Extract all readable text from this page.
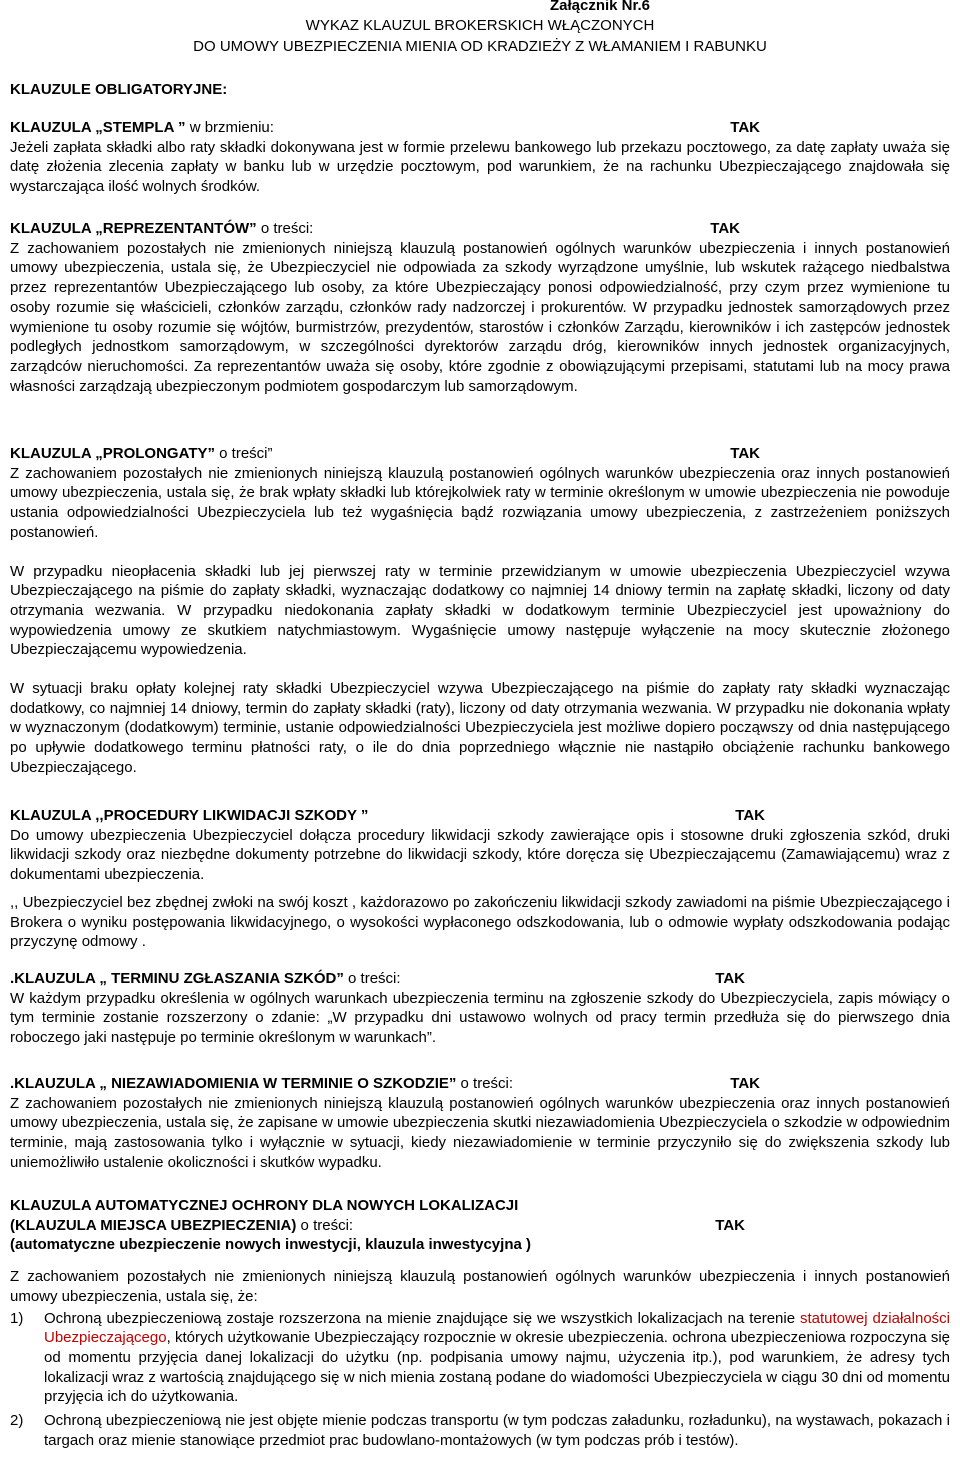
Załącznik Nr.6
WYKAZ KLAUZUL BROKERSKICH WŁĄCZONYCH
DO UMOWY UBEZPIECZENIA MIENIA OD KRADZIEŻY Z WŁAMANIEM I RABUNKU
KLAUZULE OBLIGATORYJNE:
KLAUZULA „STEMPLA ” w brzmieniu:	TAK
Jeżeli zapłata składki albo raty składki dokonywana jest w formie przelewu bankowego lub przekazu pocztowego, za datę zapłaty uważa się datę złożenia zlecenia zapłaty w banku lub w urzędzie pocztowym, pod warunkiem, że na rachunku Ubezpieczającego znajdowała się wystarczająca ilość wolnych środków.
KLAUZULA „REPREZENTANTÓW” o treści:	TAK
Z zachowaniem pozostałych nie zmienionych niniejszą klauzulą postanowień ogólnych warunków ubezpieczenia i innych postanowień umowy ubezpieczenia, ustala się, że Ubezpieczyciel nie odpowiada za szkody wyrządzone umyślnie, lub wskutek rażącego niedbalstwa przez reprezentantów Ubezpieczającego lub osoby, za które Ubezpieczający ponosi odpowiedzialność, przy czym przez wymienione tu osoby rozumie się właścicieli, członków zarządu, członków rady nadzorczej i prokurentów. W przypadku jednostek samorządowych przez wymienione tu osoby rozumie się wójtów, burmistrzów, prezydentów, starostów i członków Zarządu, kierowników i ich zastępców jednostek podległych jednostkom samorządowym, w szczególności dyrektorów zarządu dróg, kierowników innych jednostek organizacyjnych, zarządców nieruchomości. Za reprezentantów uważa się osoby, które zgodnie z obowiązującymi przepisami, statutami lub na mocy prawa własności zarządzają ubezpieczonym podmiotem gospodarczym lub samorządowym.
KLAUZULA „PROLONGATY” o treści”	TAK
Z zachowaniem pozostałych nie zmienionych niniejszą klauzulą postanowień ogólnych warunków ubezpieczenia oraz innych postanowień umowy ubezpieczenia, ustala się, że brak wpłaty składki lub którejkolwiek raty w terminie określonym w umowie ubezpieczenia nie powoduje ustania odpowiedzialności Ubezpieczyciela lub też wygaśnięcia bądź rozwiązania umowy ubezpieczenia, z zastrzeżeniem poniższych postanowień.
W przypadku nieopłacenia składki lub jej pierwszej raty w terminie przewidzianym w umowie ubezpieczenia Ubezpieczyciel wzywa Ubezpieczającego na piśmie do zapłaty składki, wyznaczając dodatkowy co najmniej 14 dniowy termin na zapłatę składki, liczony od daty otrzymania wezwania. W przypadku niedokonania zapłaty składki w dodatkowym terminie Ubezpieczyciel jest upoważniony do wypowiedzenia umowy ze skutkiem natychmiastowym. Wygaśnięcie umowy następuje wyłączenie na mocy skutecznie złożonego Ubezpieczającemu wypowiedzenia.
W sytuacji braku opłaty kolejnej raty składki Ubezpieczyciel wzywa Ubezpieczającego na piśmie do zapłaty raty składki wyznaczając dodatkowy, co najmniej 14 dniowy, termin do zapłaty składki (raty), liczony od daty otrzymania wezwania. W przypadku nie dokonania wpłaty w wyznaczonym (dodatkowym) terminie, ustanie odpowiedzialności Ubezpieczyciela jest możliwe dopiero począwszy od dnia następującego po upływie dodatkowego terminu płatności raty, o ile do dnia poprzedniego włącznie nie nastąpiło obciążenie rachunku bankowego Ubezpieczającego.
KLAUZULA ,,PROCEDURY LIKWIDACJI SZKODY ”	TAK
Do umowy ubezpieczenia Ubezpieczyciel dołącza procedury likwidacji szkody zawierające opis i stosowne druki zgłoszenia szkód, druki likwidacji szkody oraz niezbędne dokumenty potrzebne do likwidacji szkody, które doręcza się Ubezpieczającemu (Zamawiającemu) wraz z dokumentami ubezpieczenia.
,, Ubezpieczyciel bez zbędnej zwłoki na swój koszt , każdorazowo po zakończeniu likwidacji szkody zawiadomi na piśmie Ubezpieczającego i Brokera o wyniku postępowania likwidacyjnego, o wysokości wypłaconego odszkodowania, lub o odmowie wypłaty odszkodowania podając przyczynę odmowy .
.KLAUZULA „ TERMINU ZGŁASZANIA SZKÓD” o treści:	TAK
W każdym przypadku określenia w ogólnych warunkach ubezpieczenia terminu na zgłoszenie szkody do Ubezpieczyciela, zapis mówiący o tym terminie zostanie rozszerzony o zdanie: „W przypadku dni ustawowo wolnych od pracy termin przedłuża się do pierwszego dnia roboczego jaki następuje po terminie określonym w warunkach”.
.KLAUZULA „ NIEZAWIADOMIENIA W TERMINIE O SZKODZIE” o treści:	TAK
Z zachowaniem pozostałych nie zmienionych niniejszą klauzulą postanowień ogólnych warunków ubezpieczenia oraz innych postanowień umowy ubezpieczenia, ustala się, że zapisane w umowie ubezpieczenia skutki niezawiadomienia Ubezpieczyciela o szkodzie w odpowiednim terminie, mają zastosowania tylko i wyłącznie w sytuacji, kiedy niezawiadomienie w terminie przyczyniło się do zwiększenia szkody lub uniemożliwiło ustalenie okoliczności i skutków wypadku.
KLAUZULA AUTOMATYCZNEJ OCHRONY DLA NOWYCH LOKALIZACJI
(KLAUZULA MIEJSCA UBEZPIECZENIA) o treści:	TAK
(automatyczne ubezpieczenie nowych inwestycji, klauzula inwestycyjna )
Z zachowaniem pozostałych nie zmienionych niniejszą klauzulą postanowień ogólnych warunków ubezpieczenia i innych postanowień umowy ubezpieczenia, ustala się, że:
1)	Ochroną ubezpieczeniową zostaje rozszerzona na mienie znajdujące się we wszystkich lokalizacjach na terenie statutowej działalności Ubezpieczającego, których użytkowanie Ubezpieczający rozpocznie w okresie ubezpieczenia. ochrona ubezpieczeniowa rozpoczyna się od momentu przyjęcia danej lokalizacji do użytku (np. podpisania umowy najmu, użyczenia itp.), pod warunkiem, że adresy tych lokalizacji wraz z wartością znajdującego się w nich mienia zostaną podane do wiadomości Ubezpieczyciela w ciągu 30 dni od momentu przyjęcia ich do użytkowania.
2)	Ochroną ubezpieczeniową nie jest objęte mienie podczas transportu (w tym podczas załadunku, rozładunku), na wystawach, pokazach i targach oraz mienie stanowiące przedmiot prac budowlano-montażowych (w tym podczas prób i testów).
